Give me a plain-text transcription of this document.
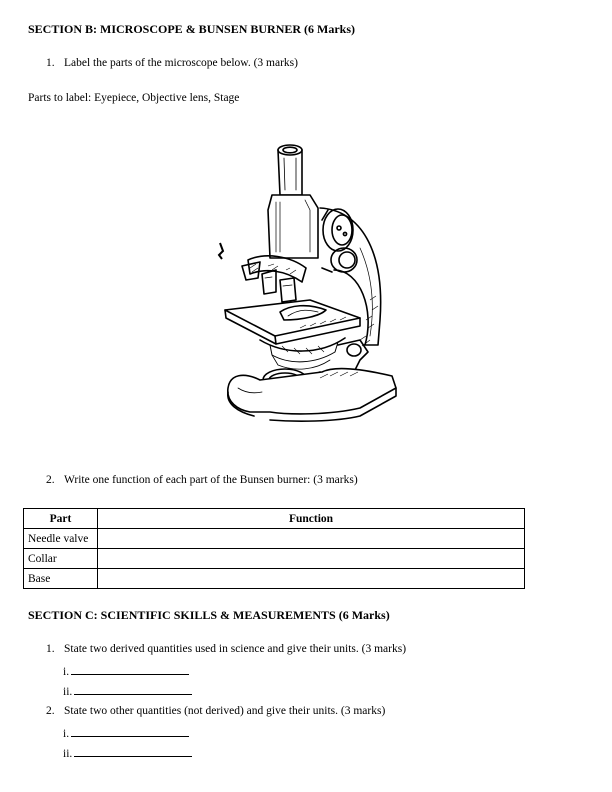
SECTION B: MICROSCOPE & BUNSEN BURNER (6 Marks)
1. Label the parts of the microscope below. (3 marks)
Parts to label: Eyepiece, Objective lens, Stage
2. Write one function of each part of the Bunsen burner: (3 marks)
Part	Function
Needle valve	
Collar	
Base	
SECTION C: SCIENTIFIC SKILLS & MEASUREMENTS (6 Marks)
1. State two derived quantities used in science and give their units. (3 marks)
i.
ii.
2. State two other quantities (not derived) and give their units. (3 marks)
i.
ii.
